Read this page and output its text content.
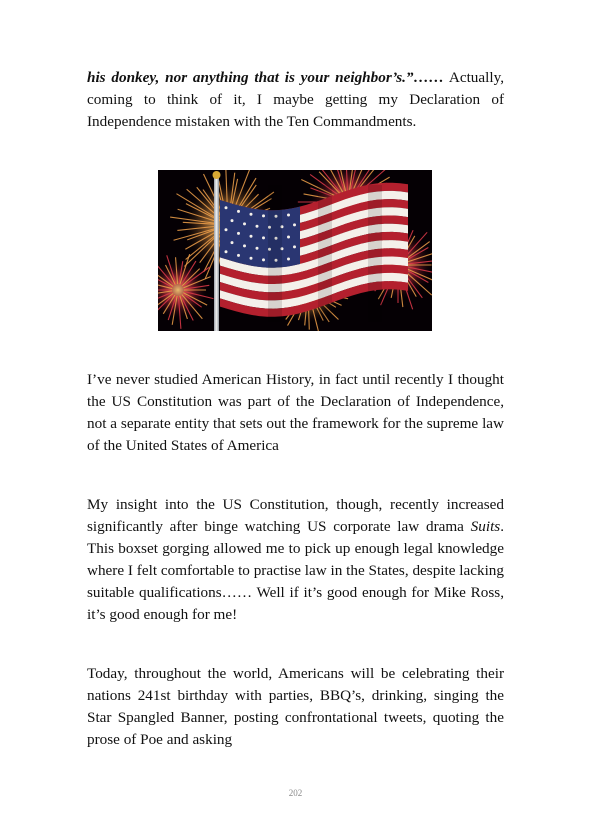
his donkey, nor anything that is your neighbor’s.”…… Actually, coming to think of it, I maybe getting my Declaration of Independence mistaken with the Ten Commandments.

I’ve never studied American History, in fact until recently I thought the US Constitution was part of the Declaration of Independence, not a separate entity that sets out the framework for the supreme law of the United States of America

My insight into the US Constitution, though, recently increased significantly after binge watching US corporate law drama Suits. This boxset gorging allowed me to pick up enough legal knowledge where I felt comfortable to practise law in the States, despite lacking suitable qualifications…… Well if it’s good enough for Mike Ross, it’s good enough for me!

Today, throughout the world, Americans will be celebrating their nations 241st birthday with parties, BBQ’s, drinking, singing the Star Spangled Banner, posting confrontational tweets, quoting the prose of Poe and asking

202
